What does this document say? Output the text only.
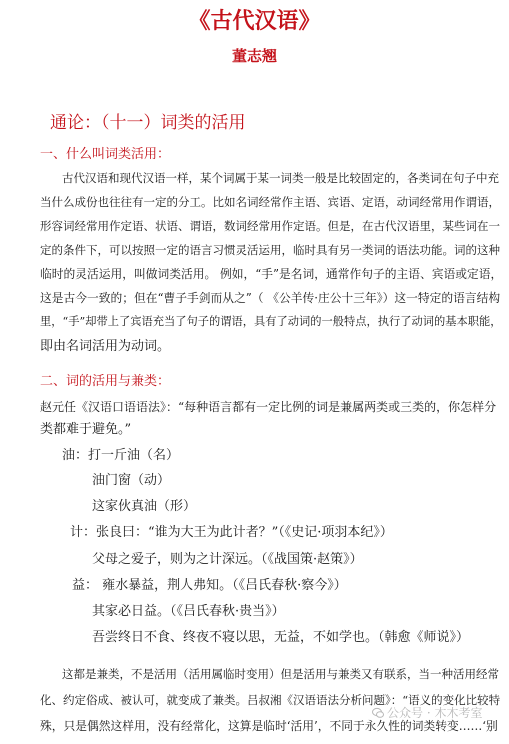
《古代汉语》
董志翘
通论：（十一）词类的活用
一、什么叫词类活用：
古代汉语和现代汉语一样，某个词属于某一词类一般是比较固定的，各类词在句子中充
当什么成份也往往有一定的分工。比如名词经常作主语、宾语、定语，动词经常用作谓语，
形容词经常用作定语、状语、谓语，数词经常用作定语。但是，在古代汉语里，某些词在一
定的条件下，可以按照一定的语言习惯灵活运用，临时具有另一类词的语法功能。词的这种
临时的灵活运用，叫做词类活用。 例如，“手”是名词，通常作句子的主语、宾语或定语，
这是古今一致的；但在“曹子手剑而从之”（ 《公羊传·庄公十三年》）这一特定的语言结构
里，“手”却带上了宾语充当了句子的谓语，具有了动词的一般特点，执行了动词的基本职能，
即由名词活用为动词。
二、词的活用与兼类：
赵元任《汉语口语语法》：“每种语言都有一定比例的词是兼属两类或三类的，你怎样分
类都难于避免。”
油：打一斤油（名）
油门窗（动）
这家伙真油（形）
计：张良曰：“谁为大王为此计者？”（《史记·项羽本纪》）
父母之爱子，则为之计深远。（《战国策·赵策》）
益： 雍水暴益，荆人弗知。（《吕氏春秋·察今》）
其家必日益。（《吕氏春秋·贵当》）
吾尝终日不食、终夜不寝以思，无益，不如学也。（韩愈《师说》）
这都是兼类，不是活用（活用属临时变用）但是活用与兼类又有联系，当一种活用经常
化、约定俗成、被认可，就变成了兼类。吕叔湘《汉语语法分析问题》：“语义的变化比较特
殊，只是偶然这样用，没有经常化，这算是临时‘活用’，不同于永久性的词类转变……‘别
公众号 · 木木考室
